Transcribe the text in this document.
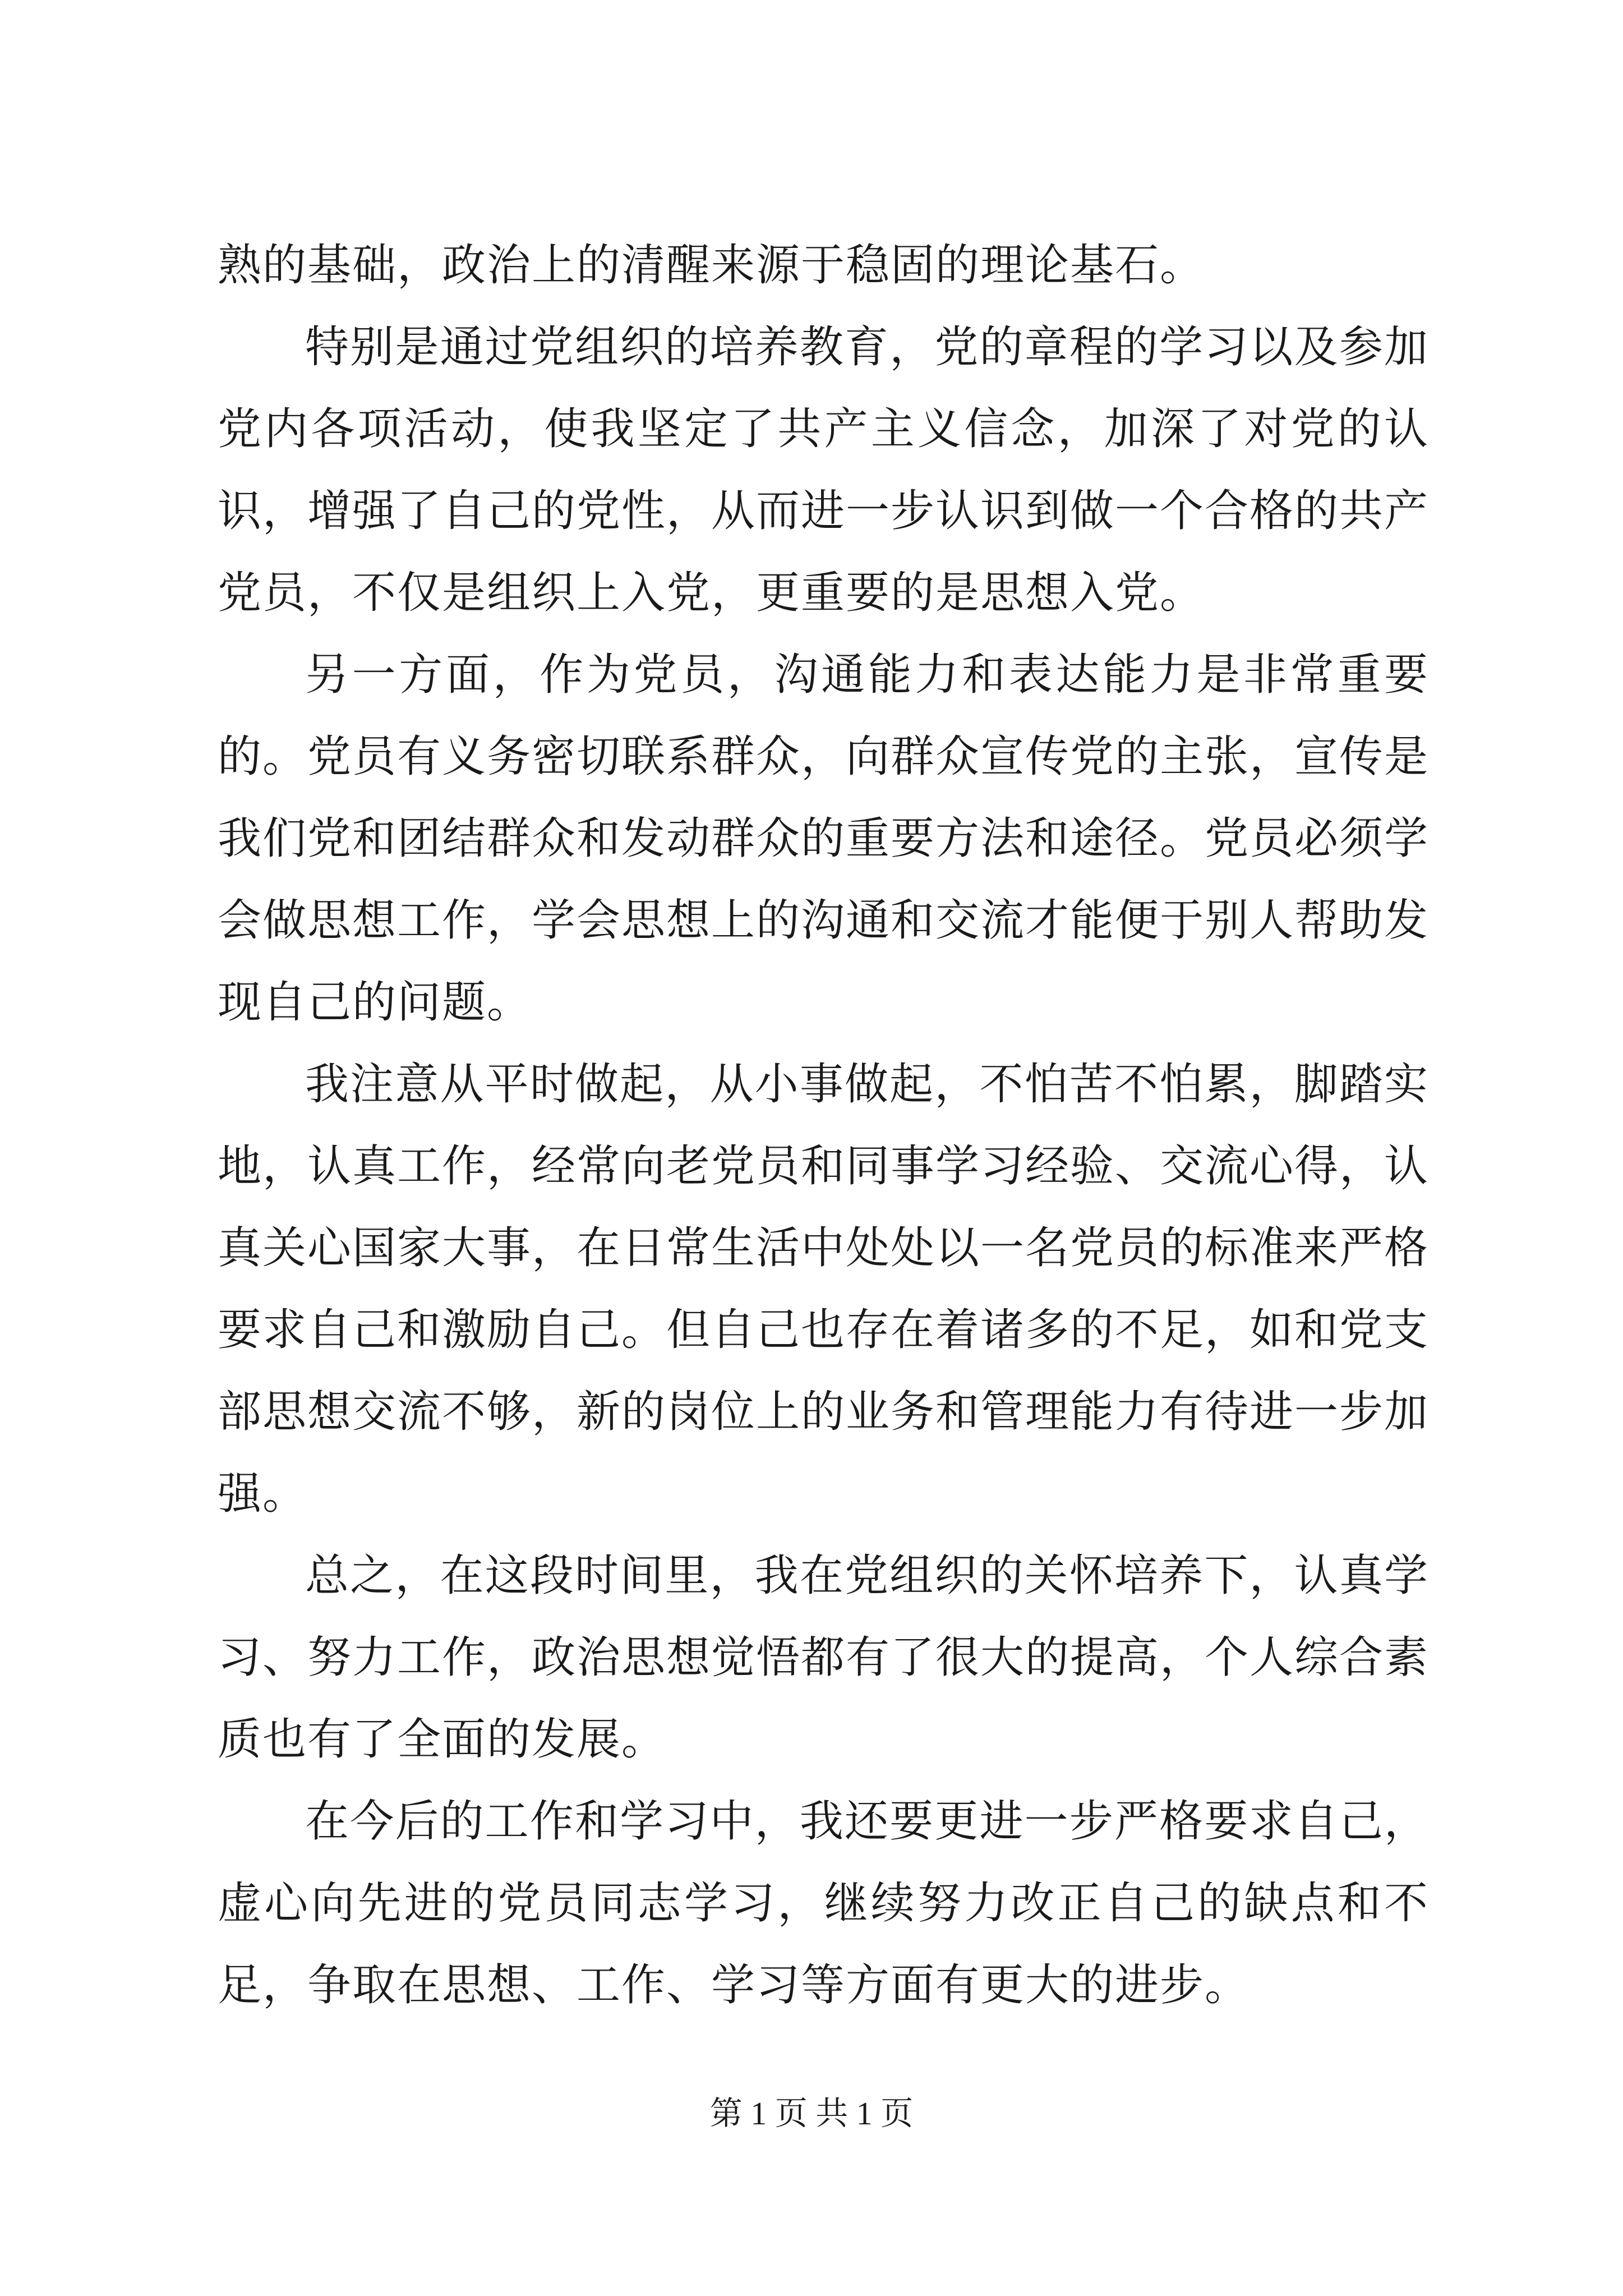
熟的基础，政治上的清醒来源于稳固的理论基石。

特别是通过党组织的培养教育，党的章程的学习以及参加党内各项活动，使我坚定了共产主义信念，加深了对党的认识，增强了自己的党性，从而进一步认识到做一个合格的共产党员，不仅是组织上入党，更重要的是思想入党。

另一方面，作为党员，沟通能力和表达能力是非常重要的。党员有义务密切联系群众，向群众宣传党的主张，宣传是我们党和团结群众和发动群众的重要方法和途径。党员必须学会做思想工作，学会思想上的沟通和交流才能便于别人帮助发现自己的问题。

我注意从平时做起，从小事做起，不怕苦不怕累，脚踏实地，认真工作，经常向老党员和同事学习经验、交流心得，认真关心国家大事，在日常生活中处处以一名党员的标准来严格要求自己和激励自己。但自己也存在着诸多的不足，如和党支部思想交流不够，新的岗位上的业务和管理能力有待进一步加强。

总之，在这段时间里，我在党组织的关怀培养下，认真学习、努力工作，政治思想觉悟都有了很大的提高，个人综合素质也有了全面的发展。

在今后的工作和学习中，我还要更进一步严格要求自己，虚心向先进的党员同志学习，继续努力改正自己的缺点和不足，争取在思想、工作、学习等方面有更大的进步。

第 1 页 共 1 页
